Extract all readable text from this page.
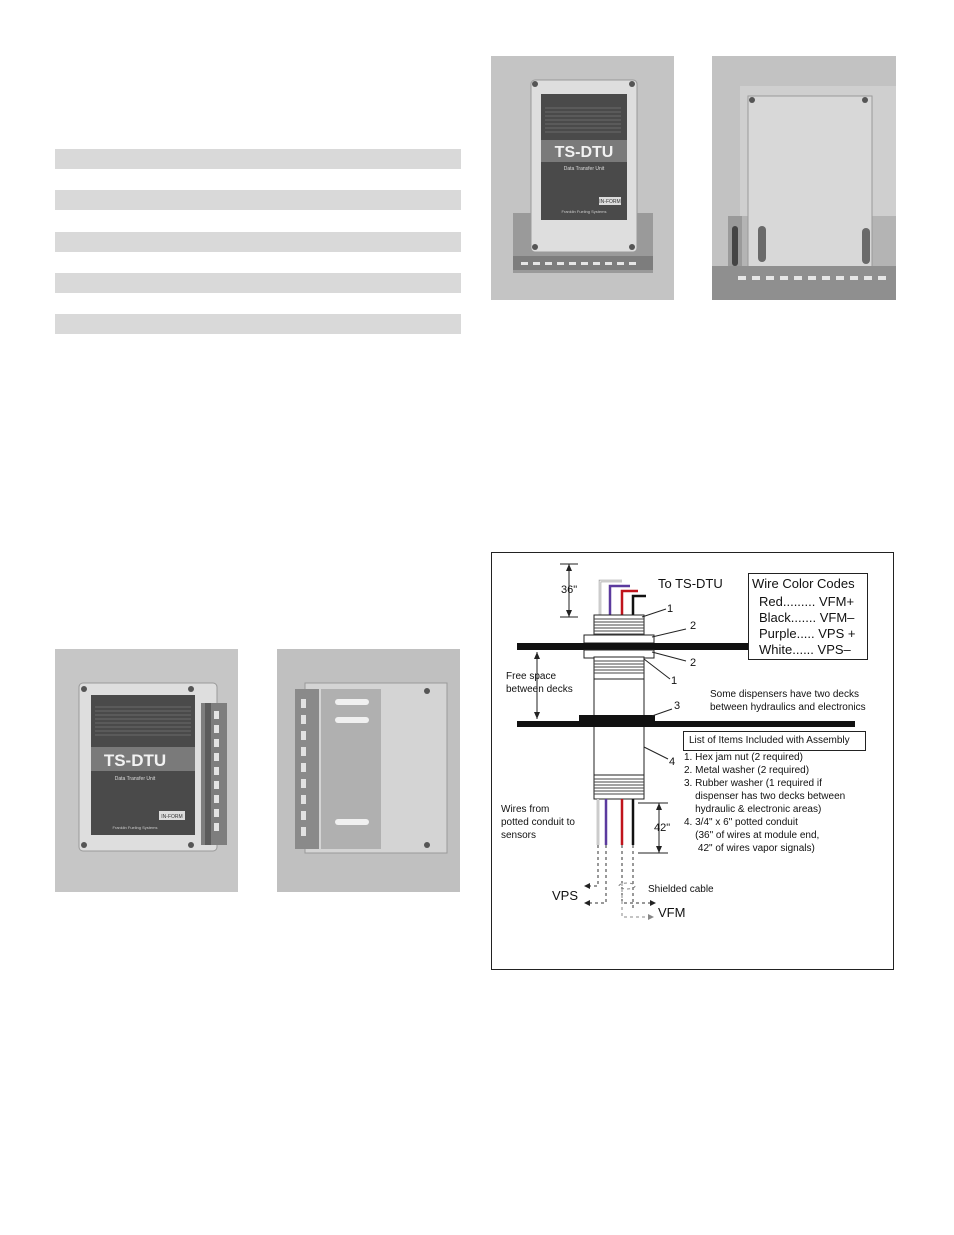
TS-DTU
Data Transfer Unit
IN-FORM
Franklin Fueling Systems
TS-DTU
Data Transfer Unit
IN-FORM
Franklin Fueling Systems
To TS-DTU
36"
42"
1
2
2
1
3
4
Free space
between decks	Some dispensers have two decks
between hydraulics and electronics
Wires from
potted conduit to
sensors
Wire Color Codes
Red......... VFM+
Black....... VFM–
Purple..... VPS +
White...... VPS–
List of Items Included with Assembly
1. Hex jam nut (2 required)
2. Metal washer (2 required)
3. Rubber washer (1 required if
dispenser has two decks between
hydraulic & electronic areas)
4. 3/4" x 6" potted conduit
(36" of wires at module end,
42" of wires vapor signals)
VPS	Shielded cable
VFM
